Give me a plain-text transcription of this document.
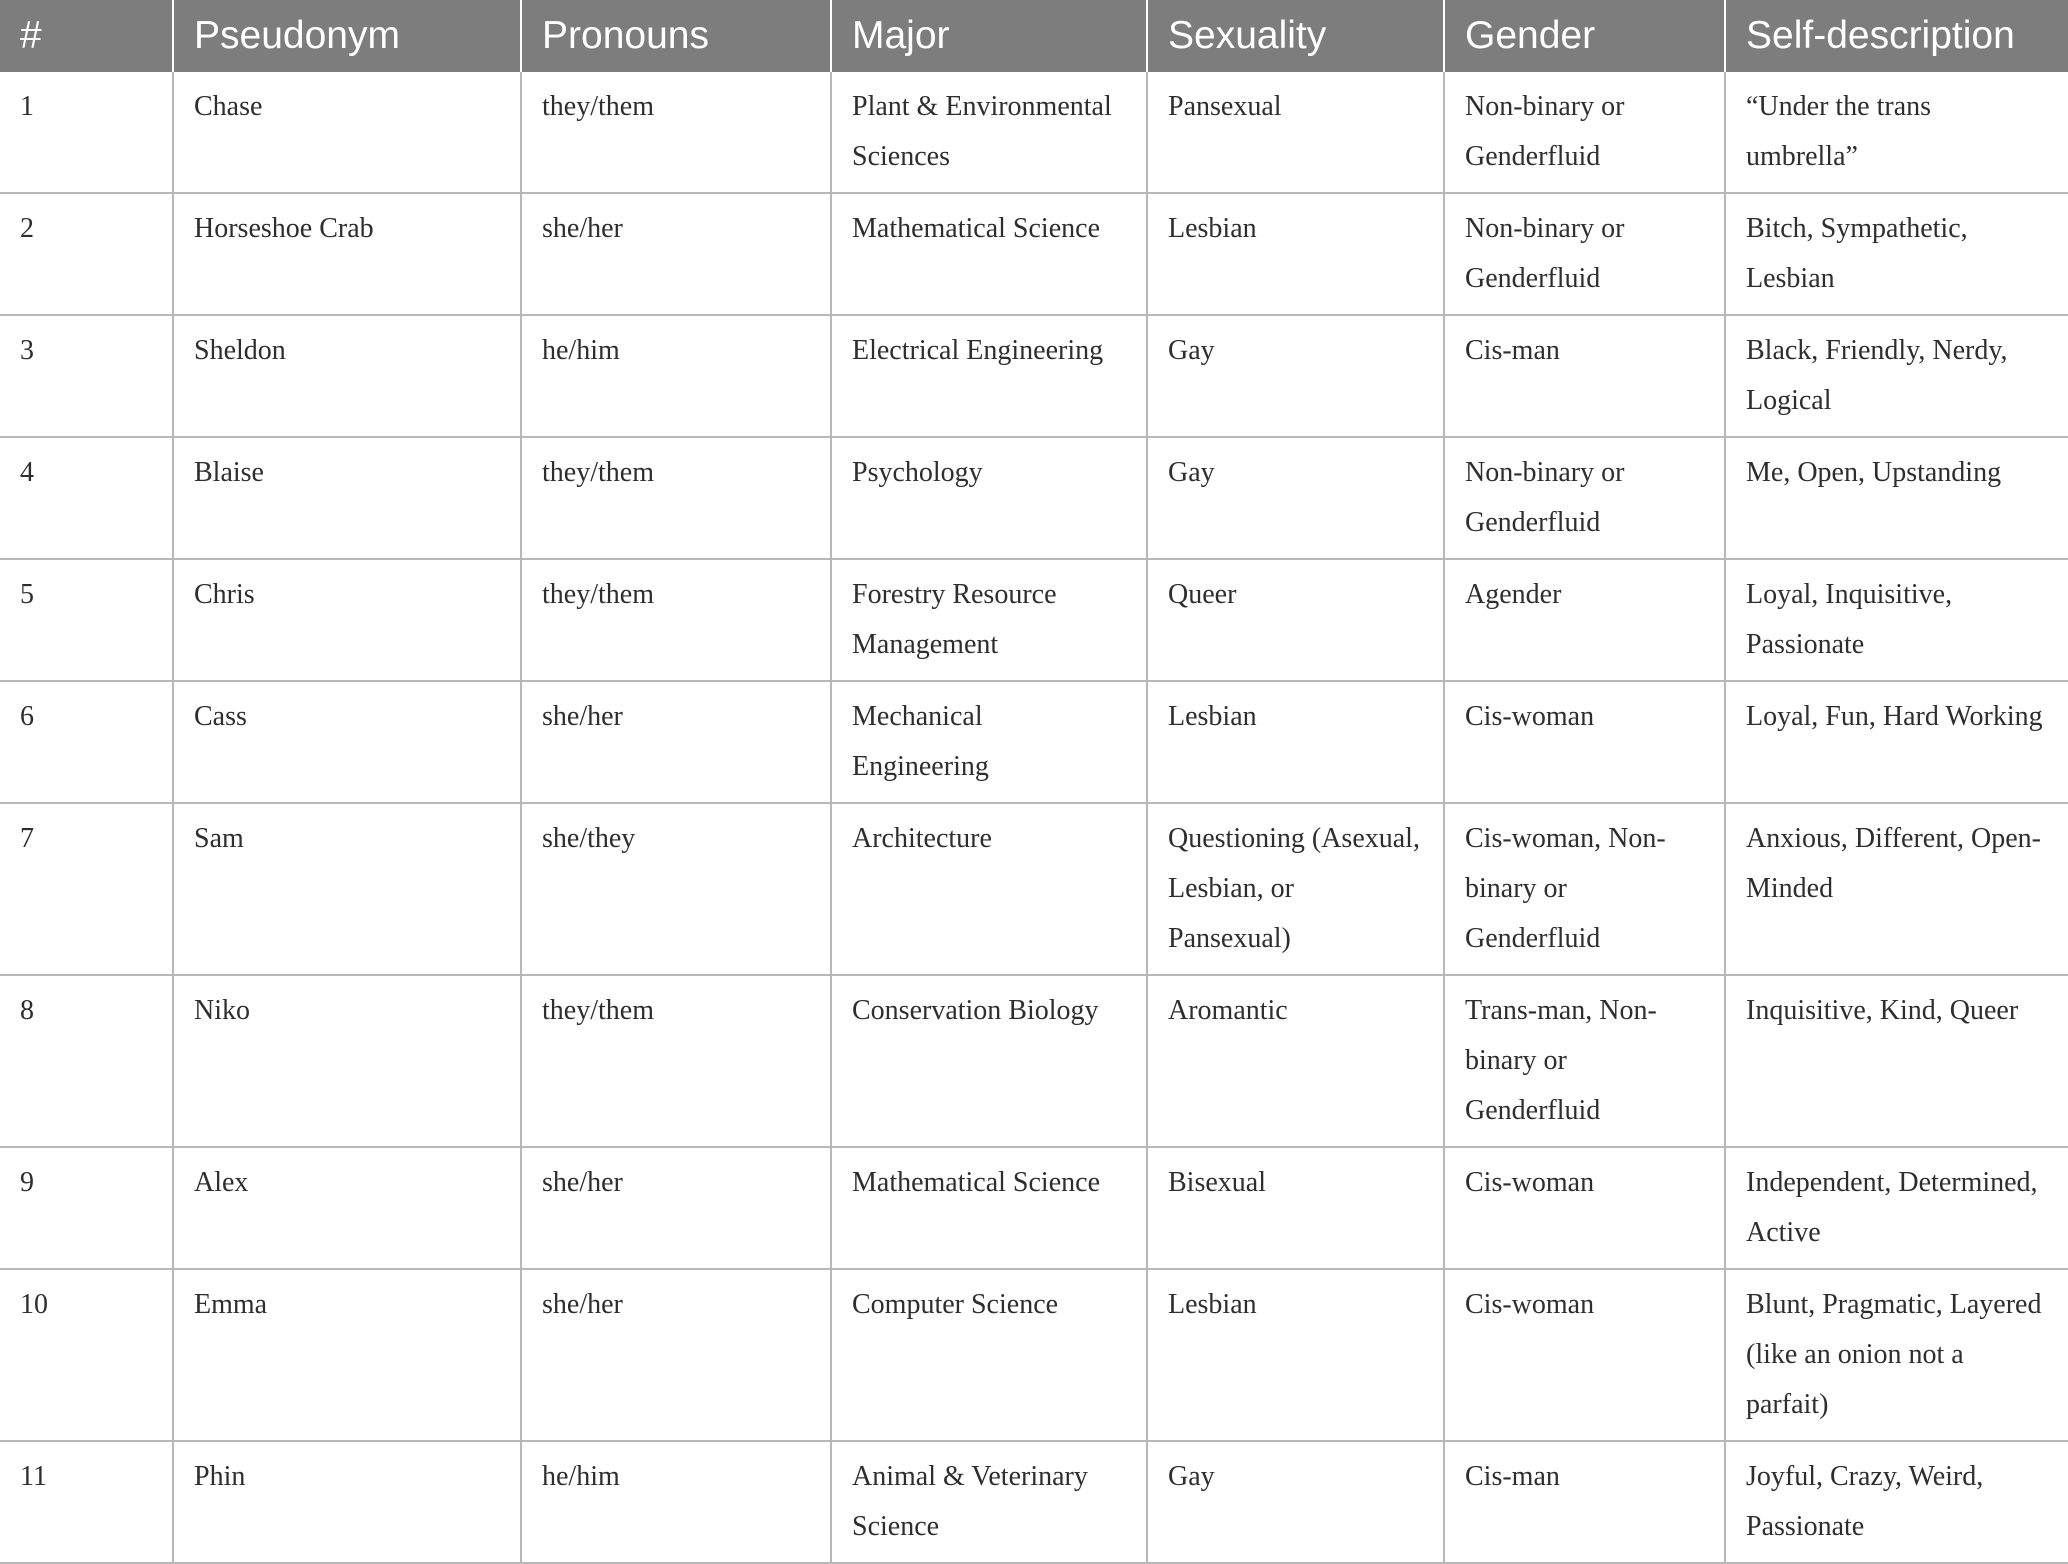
#	Pseudonym	Pronouns	Major	Sexuality	Gender	Self-description
1	Chase	they/them	Plant & Environmental Sciences	Pansexual	Non-binary or Genderfluid	“Under the trans umbrella”
2	Horseshoe Crab	she/her	Mathematical Science	Lesbian	Non-binary or Genderfluid	Bitch, Sympathetic, Lesbian
3	Sheldon	he/him	Electrical Engineering	Gay	Cis-man	Black, Friendly, Nerdy, Logical
4	Blaise	they/them	Psychology	Gay	Non-binary or Genderfluid	Me, Open, Upstanding
5	Chris	they/them	Forestry Resource Management	Queer	Agender	Loyal, Inquisitive, Passionate
6	Cass	she/her	Mechanical Engineering	Lesbian	Cis-woman	Loyal, Fun, Hard Working
7	Sam	she/they	Architecture	Questioning (Asexual, Lesbian, or Pansexual)	Cis-woman, Non-binary or Genderfluid	Anxious, Different, Open-Minded
8	Niko	they/them	Conservation Biology	Aromantic	Trans-man, Non-binary or Genderfluid	Inquisitive, Kind, Queer
9	Alex	she/her	Mathematical Science	Bisexual	Cis-woman	Independent, Determined, Active
10	Emma	she/her	Computer Science	Lesbian	Cis-woman	Blunt, Pragmatic, Layered (like an onion not a parfait)
11	Phin	he/him	Animal & Veterinary Science	Gay	Cis-man	Joyful, Crazy, Weird, Passionate
